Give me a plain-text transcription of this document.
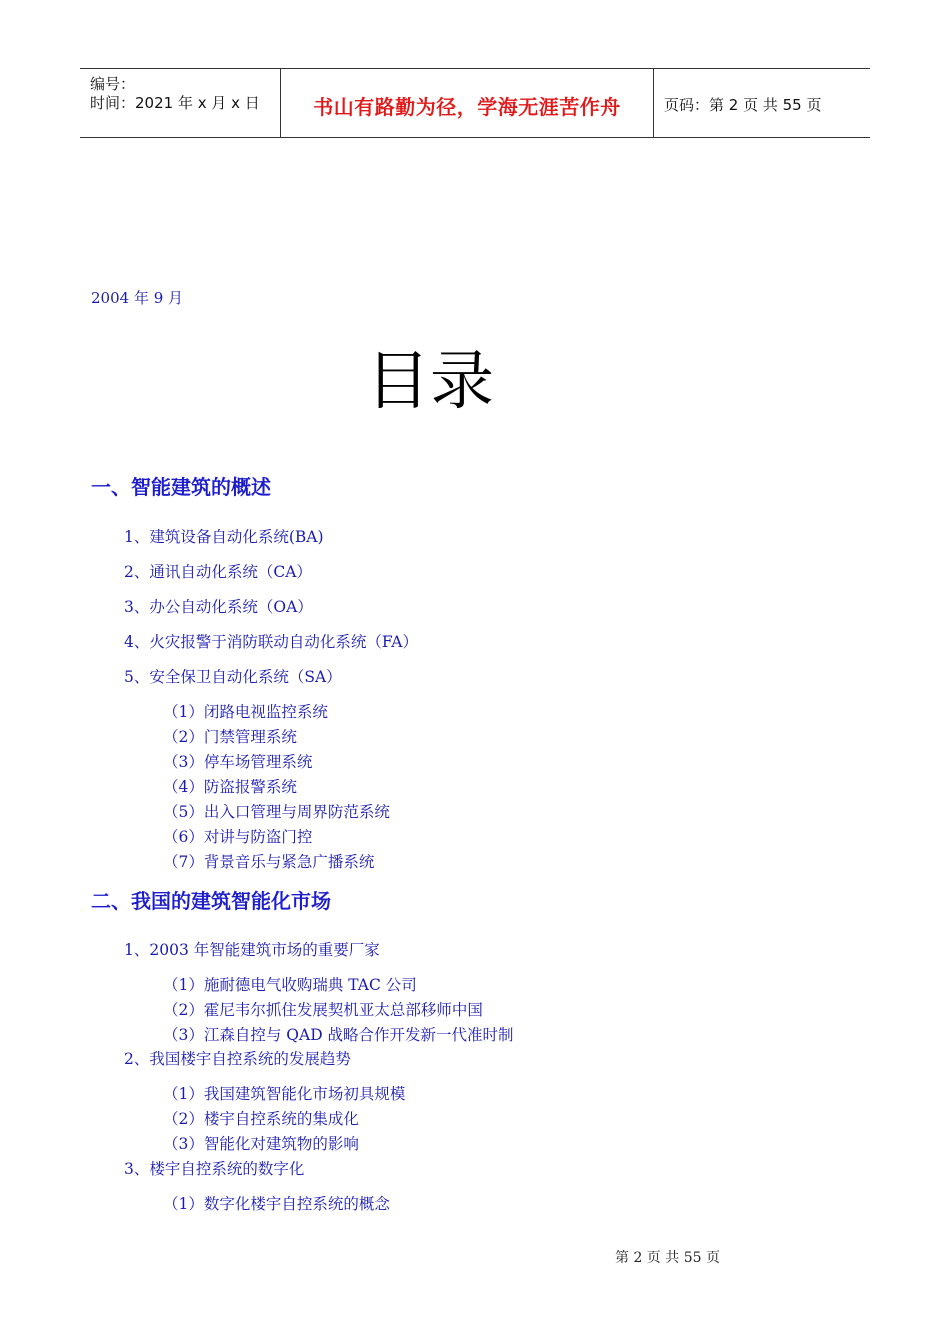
编号：
时间：2021 年 x 月 x 日	书山有路勤为径，学海无涯苦作舟	页码：第 2 页 共 55 页
2004 年 9 月
目录
一、智能建筑的概述
1、建筑设备自动化系统(BA)
2、通讯自动化系统（CA）
3、办公自动化系统（OA）
4、火灾报警于消防联动自动化系统（FA）
5、安全保卫自动化系统（SA）
（1）闭路电视监控系统
（2）门禁管理系统
（3）停车场管理系统
（4）防盗报警系统
（5）出入口管理与周界防范系统
（6）对讲与防盗门控
（7）背景音乐与紧急广播系统
二、我国的建筑智能化市场
1、2003 年智能建筑市场的重要厂家
（1）施耐德电气收购瑞典 TAC 公司
（2）霍尼韦尔抓住发展契机亚太总部移师中国
（3）江森自控与 QAD 战略合作开发新一代准时制
2、我国楼宇自控系统的发展趋势
（1）我国建筑智能化市场初具规模
（2）楼宇自控系统的集成化
（3）智能化对建筑物的影响
3、楼宇自控系统的数字化
（1）数字化楼宇自控系统的概念
第 2 页 共 55 页
